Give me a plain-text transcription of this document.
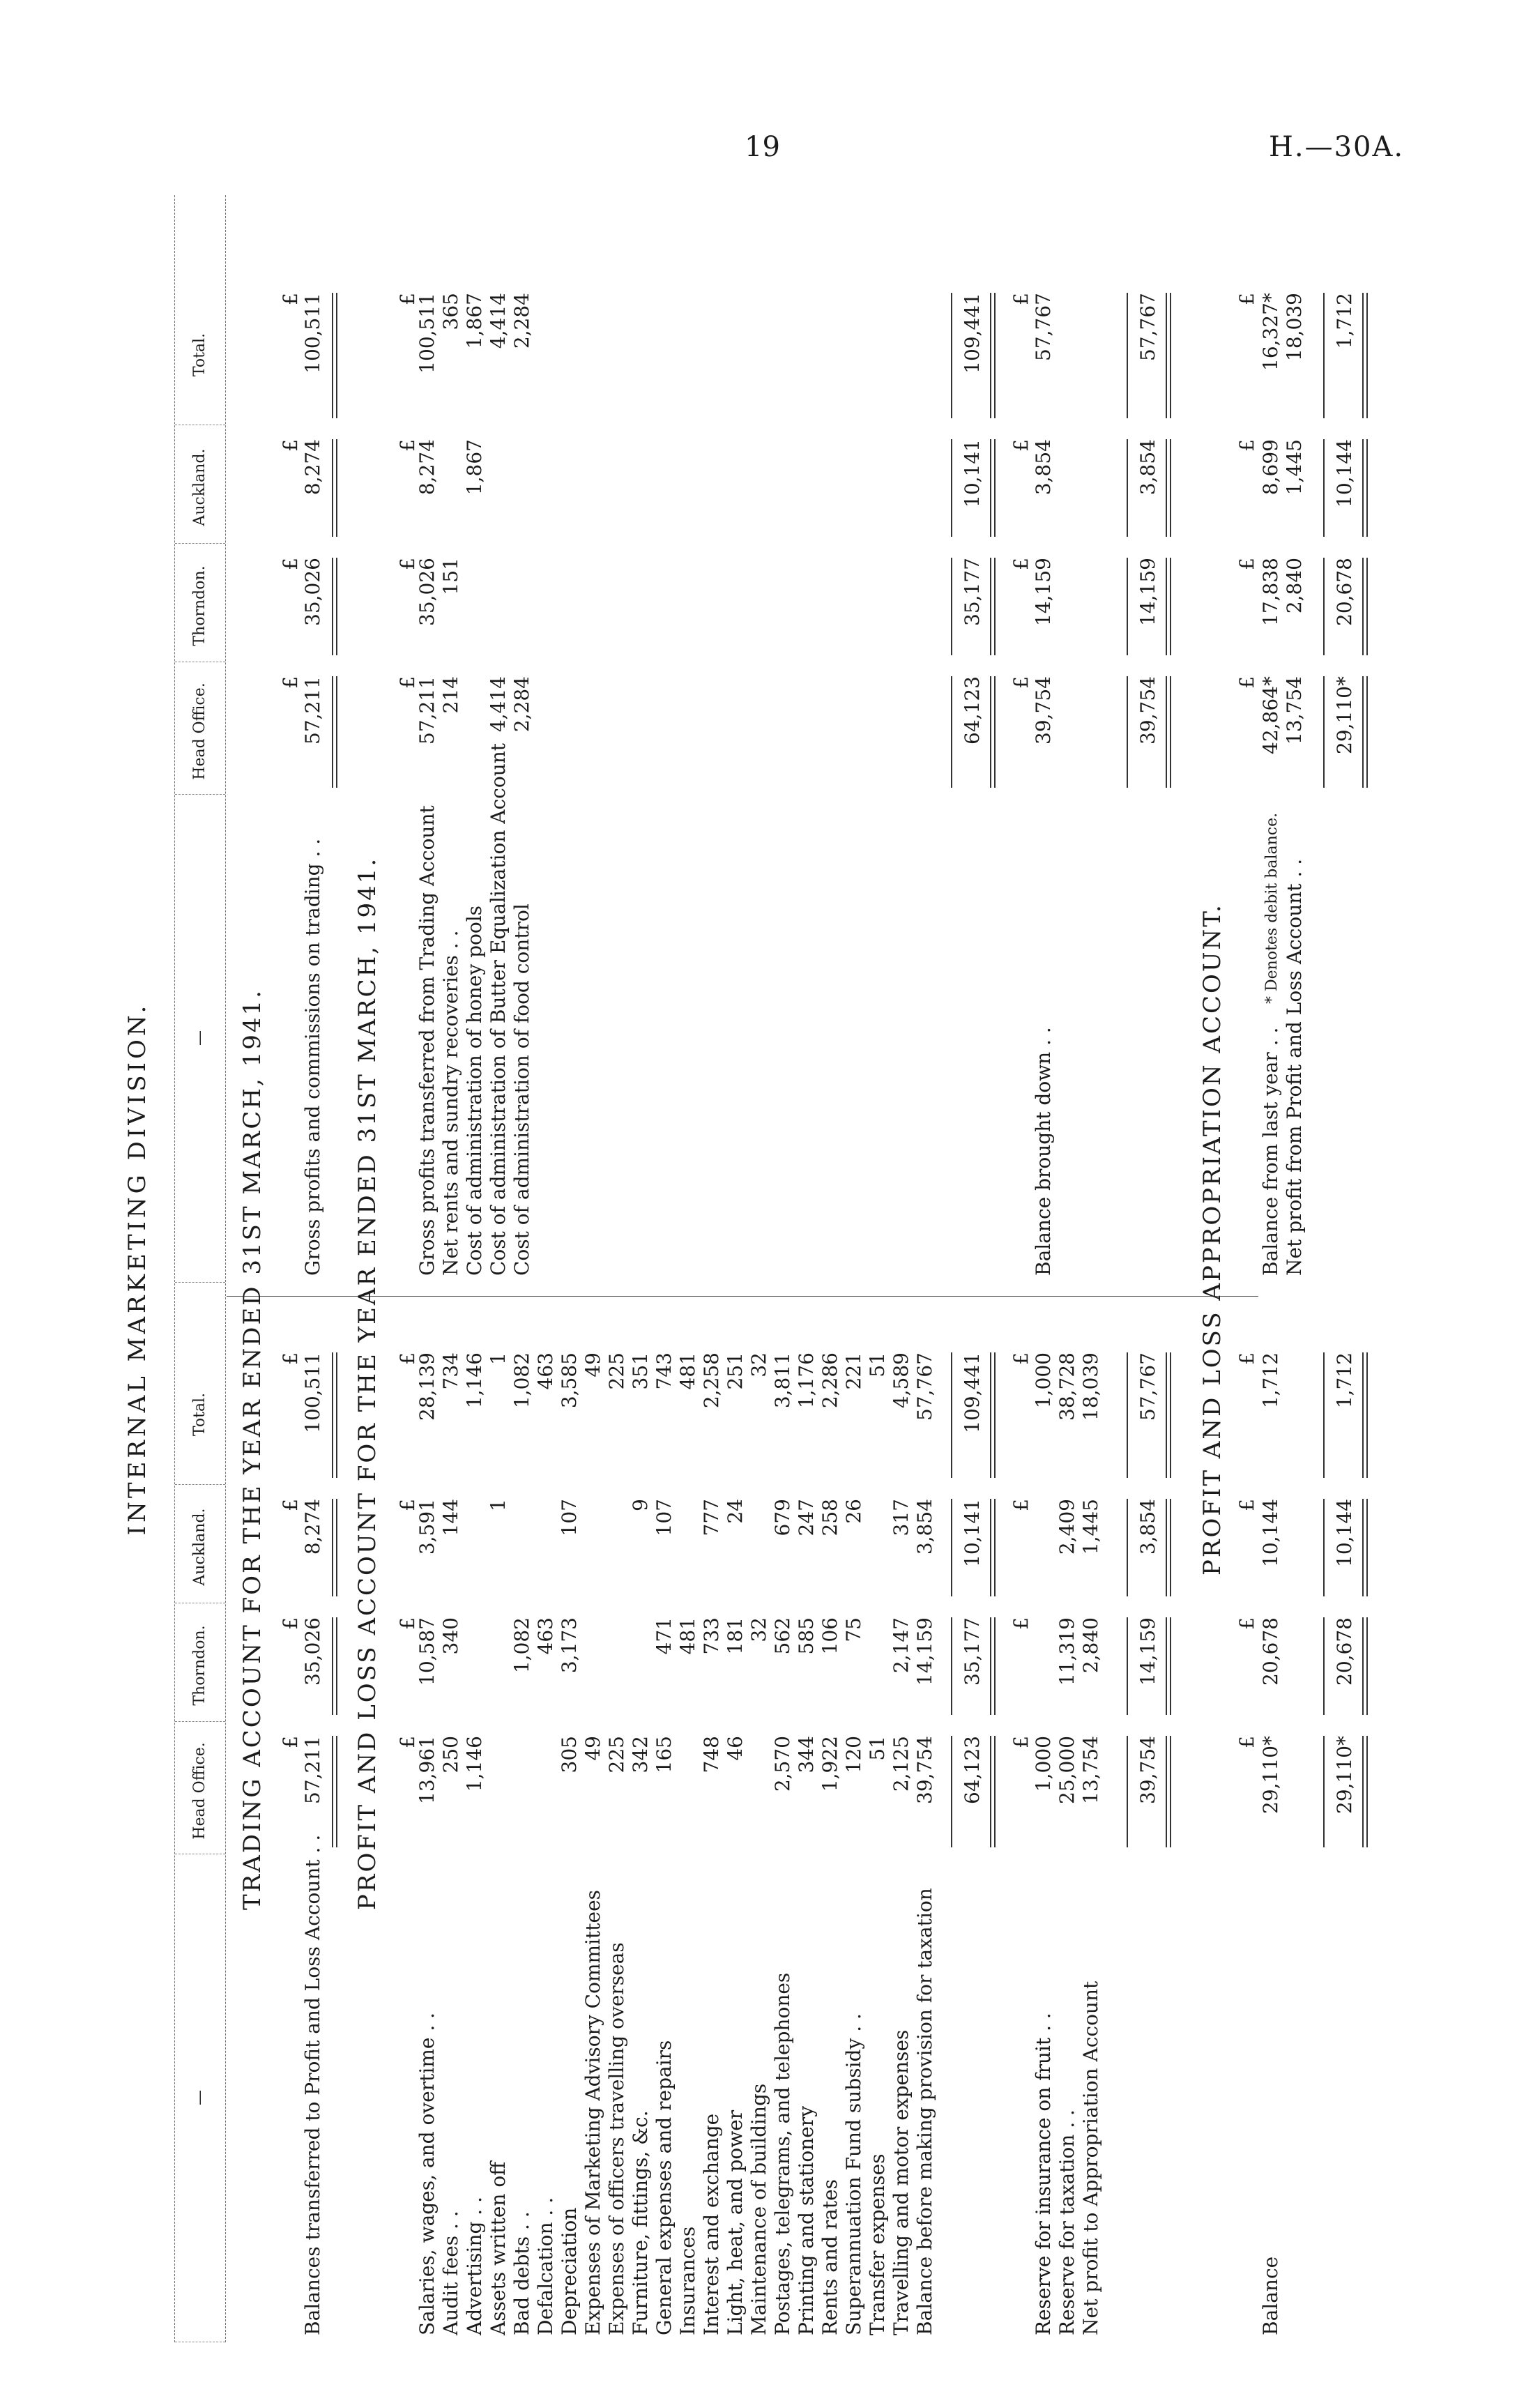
19	H.—30A.
INTERNAL MARKETING DIVISION.
—
Head Office.
Thorndon.
Auckland.
Total.
—
Head Office.
Thorndon.
Auckland.
Total.
TRADING ACCOUNT FOR THE YEAR ENDED 31ST MARCH, 1941. £
£
£
£
£
£
£
£
Balances transferred to Profit and Loss Account . .
57,211
35,026
8,274
100,511
Gross profits and commissions on trading . .
57,211
35,026
8,274
100,511
PROFIT AND LOSS ACCOUNT FOR THE YEAR ENDED 31ST MARCH, 1941. £
£
£
£
£
£
£
£
Salaries, wages, and overtime . .
13,961
10,587
3,591
28,139
Audit fees . .
250
340
144
734
Advertising . .
1,146
1,146
Assets written off
1
1
Bad debts . .
1,082
1,082
Defalcation . .
463
463
Depreciation
305
3,173
107
3,585
Expenses of Marketing Advisory Committees
49
49
Expenses of officers travelling overseas
225
225
Furniture, fittings, &c.
342
9
351
General expenses and repairs
165
471
107
743
Insurances
481
481
Interest and exchange
748
733
777
2,258
Light, heat, and power
46
181
24
251
Maintenance of buildings
32
32
Postages, telegrams, and telephones
2,570
562
679
3,811
Printing and stationery
344
585
247
1,176
Rents and rates
1,922
106
258
2,286
Superannuation Fund subsidy . .
120
75
26
221
Transfer expenses
51
51
Travelling and motor expenses
2,125
2,147
317
4,589
Balance before making provision for taxation
39,754
14,159
3,854
57,767
Gross profits transferred from Trading Account
57,211
35,026
8,274
100,511
Net rents and sundry recoveries . .
214
151
365
Cost of administration of honey pools
1,867
1,867
Cost of administration of Butter Equalization Account
4,414
4,414
Cost of administration of food control
2,284
2,284
64,123
35,177
10,141
109,441
64,123
35,177
10,141
109,441
£
£
£
£
£
£
£
£
Reserve for insurance on fruit . .
1,000
1,000
Reserve for taxation . .
25,000
11,319
2,409
38,728
Net profit to Appropriation Account
13,754
2,840
1,445
18,039
Balance brought down . .
39,754
14,159
3,854
57,767
39,754
14,159
3,854
57,767
39,754
14,159
3,854
57,767
PROFIT AND LOSS APPROPRIATION ACCOUNT.
£
£
£
£
£
£
£
£
Balance
29,110*
20,678
10,144
1,712
Balance from last year . .
42,864*
17,838
8,699
16,327*
Net profit from Profit and Loss Account . .
13,754
2,840
1,445
18,039
29,110*
20,678
10,144
1,712
29,110*
20,678
10,144
1,712
* Denotes debit balance.
